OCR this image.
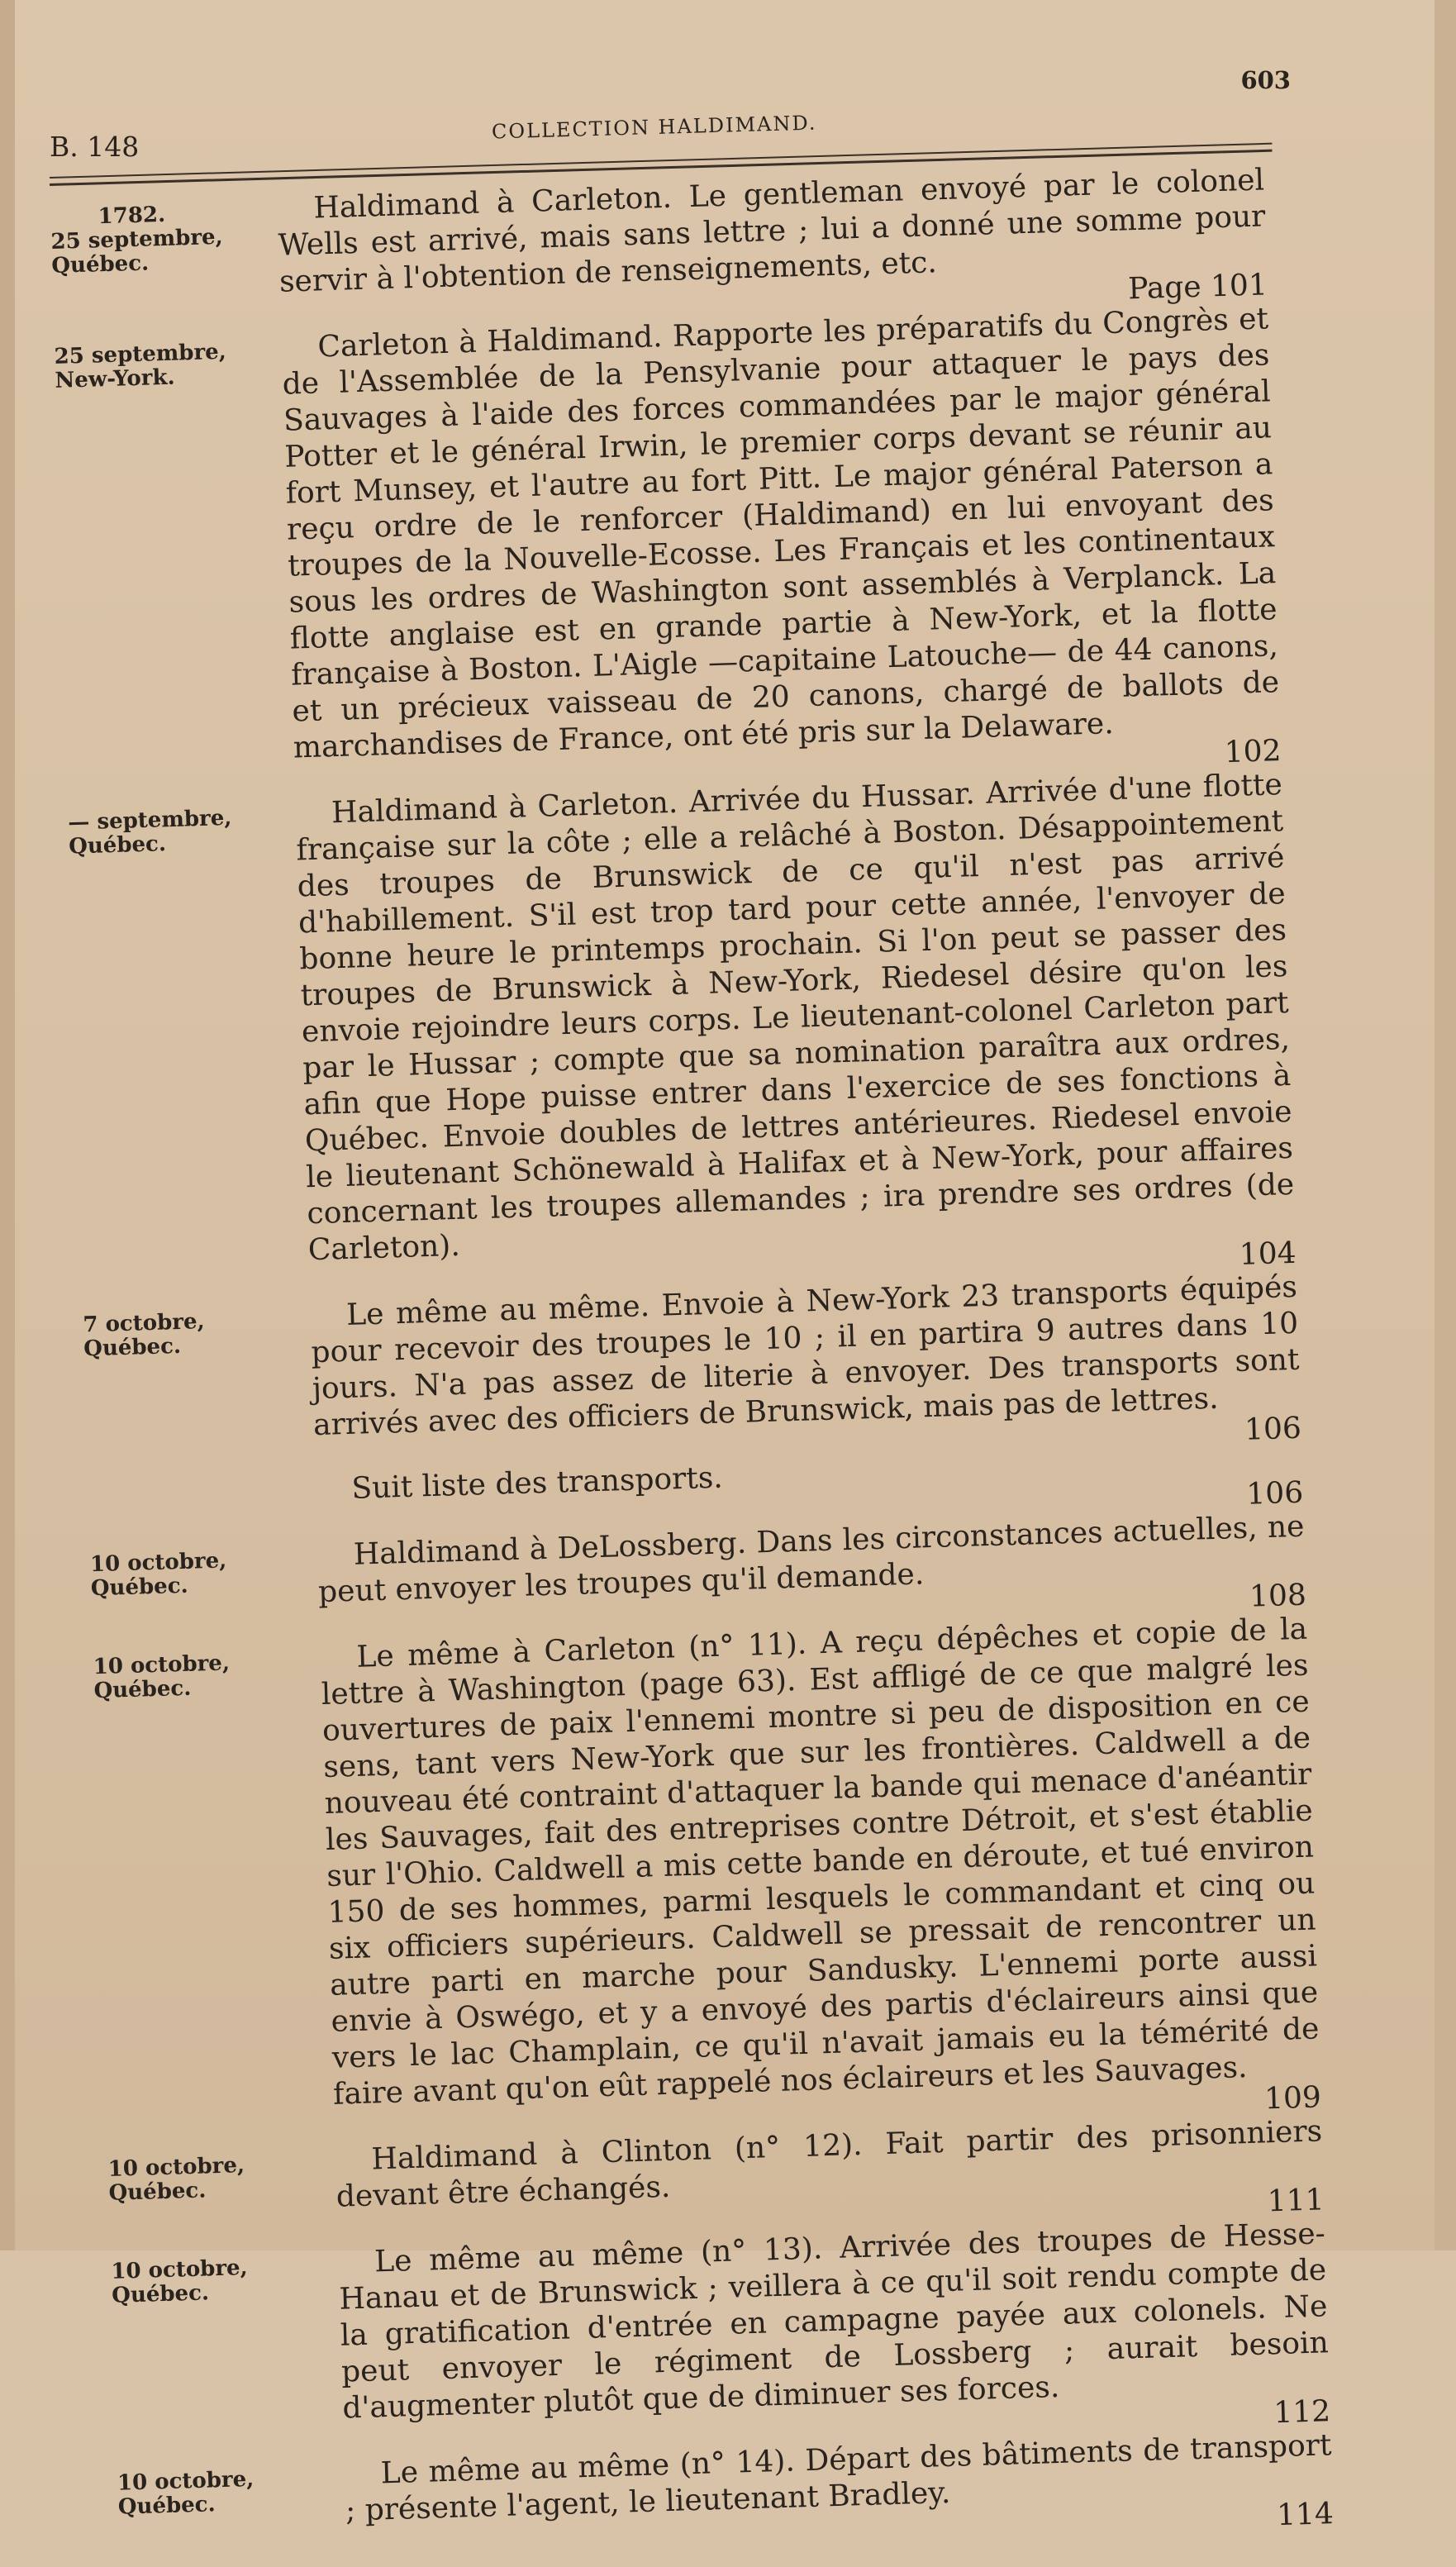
B. 148
COLLECTION HALDIMAND.
603
1782.
25 septembre,
Québec.
Haldimand à Carleton. Le gentleman envoyé par le colonel Wells est arrivé, mais sans lettre ; lui a donné une somme pour servir à l'obtention de renseignements, etc.	Page 101
25 septembre,
New-York.
Carleton à Haldimand. Rapporte les préparatifs du Congrès et de l'Assemblée de la Pensylvanie pour attaquer le pays des Sauvages à l'aide des forces commandées par le major général Potter et le général Irwin, le premier corps devant se réunir au fort Munsey, et l'autre au fort Pitt. Le major général Paterson a reçu ordre de le renforcer (Haldimand) en lui envoyant des troupes de la Nouvelle-Ecosse. Les Français et les continentaux sous les ordres de Washington sont assemblés à Verplanck. La flotte anglaise est en grande partie à New-York, et la flotte française à Boston. L'Aigle —capitaine Latouche— de 44 canons, et un précieux vaisseau de 20 canons, chargé de ballots de marchandises de France, ont été pris sur la Delaware.	102
— septembre,
Québec.
Haldimand à Carleton. Arrivée du Hussar. Arrivée d'une flotte française sur la côte ; elle a relâché à Boston. Désappointement des troupes de Brunswick de ce qu'il n'est pas arrivé d'habillement. S'il est trop tard pour cette année, l'envoyer de bonne heure le printemps prochain. Si l'on peut se passer des troupes de Brunswick à New-York, Riedesel désire qu'on les envoie rejoindre leurs corps. Le lieutenant-colonel Carleton part par le Hussar ; compte que sa nomination paraîtra aux ordres, afin que Hope puisse entrer dans l'exercice de ses fonctions à Québec. Envoie doubles de lettres antérieures. Riedesel envoie le lieutenant Schönewald à Halifax et à New-York, pour affaires concernant les troupes allemandes ; ira prendre ses ordres (de Carleton).	104
7 octobre,
Québec.
Le même au même. Envoie à New-York 23 transports équipés pour recevoir des troupes le 10 ; il en partira 9 autres dans 10 jours. N'a pas assez de literie à envoyer. Des transports sont arrivés avec des officiers de Brunswick, mais pas de lettres. 106
Suit liste des transports.	106
10 octobre,
Québec.
Haldimand à DeLossberg. Dans les circonstances actuelles, ne peut envoyer les troupes qu'il demande.	108
10 octobre,
Québec.
Le même à Carleton (n° 11). A reçu dépêches et copie de la lettre à Washington (page 63). Est affligé de ce que malgré les ouvertures de paix l'ennemi montre si peu de disposition en ce sens, tant vers New-York que sur les frontières. Caldwell a de nouveau été contraint d'attaquer la bande qui menace d'anéantir les Sauvages, fait des entreprises contre Détroit, et s'est établie sur l'Ohio. Caldwell a mis cette bande en déroute, et tué environ 150 de ses hommes, parmi lesquels le commandant et cinq ou six officiers supérieurs. Caldwell se pressait de rencontrer un autre parti en marche pour Sandusky. L'ennemi porte aussi envie à Oswégo, et y a envoyé des partis d'éclaireurs ainsi que vers le lac Champlain, ce qu'il n'avait jamais eu la témérité de faire avant qu'on eût rappelé nos éclaireurs et les Sauvages. 109
10 octobre,
Québec.
Haldimand à Clinton (n° 12). Fait partir des prisonniers devant être échangés.	111
10 octobre,
Québec.
Le même au même (n° 13). Arrivée des troupes de Hesse-Hanau et de Brunswick ; veillera à ce qu'il soit rendu compte de la gratification d'entrée en campagne payée aux colonels. Ne peut envoyer le régiment de Lossberg ; aurait besoin d'augmenter plutôt que de diminuer ses forces.	112
10 octobre,
Québec.
Le même au même (n° 14). Départ des bâtiments de transport ; présente l'agent, le lieutenant Bradley.	114
